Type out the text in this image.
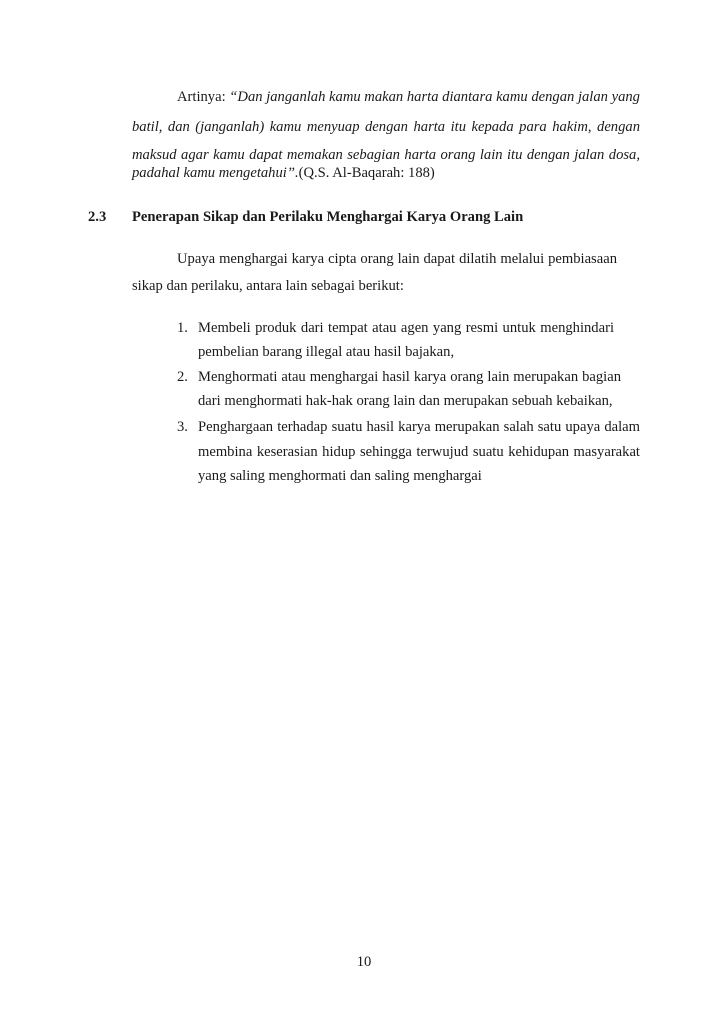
Artinya: “Dan janganlah kamu makan harta diantara kamu dengan jalan yang
batil, dan (janganlah) kamu menyuap dengan harta itu kepada para hakim, dengan
maksud agar kamu dapat memakan sebagian harta orang lain itu dengan jalan dosa,
padahal kamu mengetahui”.(Q.S. Al-Baqarah: 188)
2.3 Penerapan Sikap dan Perilaku Menghargai Karya Orang Lain
Upaya menghargai karya cipta orang lain dapat dilatih melalui pembiasaan
sikap dan perilaku, antara lain sebagai berikut:
1. Membeli produk dari tempat atau agen yang resmi untuk menghindari
pembelian barang illegal atau hasil bajakan,
2. Menghormati atau menghargai hasil karya orang lain merupakan bagian
dari menghormati hak-hak orang lain dan merupakan sebuah kebaikan,
3. Penghargaan terhadap suatu hasil karya merupakan salah satu upaya dalam
membina keserasian hidup sehingga terwujud suatu kehidupan masyarakat
yang saling menghormati dan saling menghargai
10
